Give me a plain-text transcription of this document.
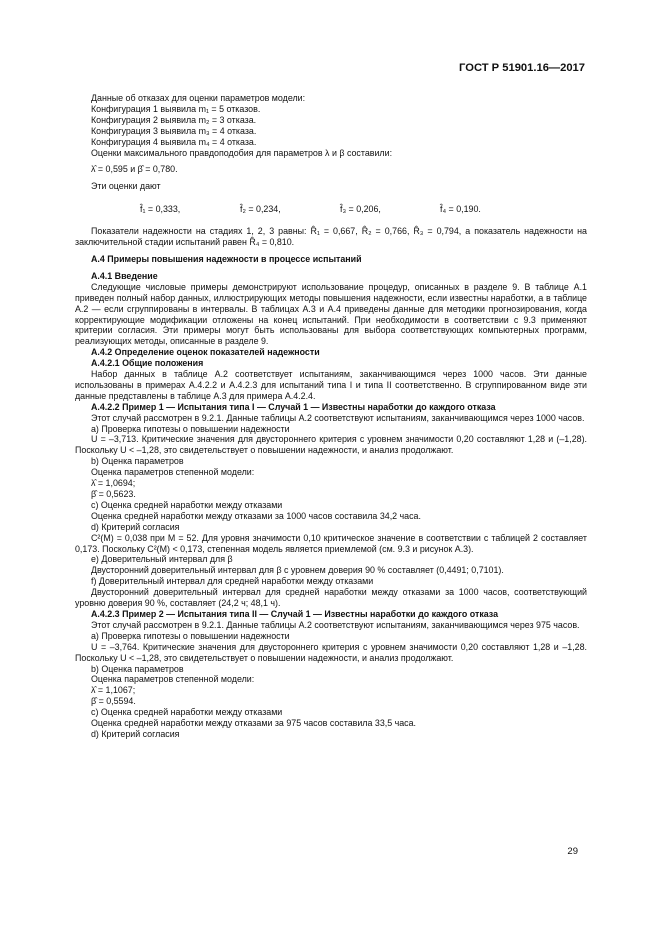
ГОСТ Р 51901.16—2017

Данные об отказах для оценки параметров модели:

Конфигурация 1 выявила m₁ = 5 отказов.

Конфигурация 2 выявила m₂ = 3 отказа.

Конфигурация 3 выявила m₃ = 4 отказа.

Конфигурация 4 выявила m₄ = 4 отказа.

Оценки максимального правдоподобия для параметров λ и β составили:

λ̂ = 0,595 и β̂ = 0,780.

Эти оценки дают

f̂₁ = 0,333,	f̂₂ = 0,234,	f̂₃ = 0,206,	f̂₄ = 0,190.

Показатели надежности на стадиях 1, 2, 3 равны: R̂₁ = 0,667, R̂₂ = 0,766, R̂₃ = 0,794, а показатель надежности на заключительной стадии испытаний равен R̂₄ = 0,810.

А.4 Примеры повышения надежности в процессе испытаний

А.4.1 Введение

Следующие числовые примеры демонстрируют использование процедур, описанных в разделе 9. В таблице А.1 приведен полный набор данных, иллюстрирующих методы повышения надежности, если известны наработки, а в таблице А.2 — если сгруппированы в интервалы. В таблицах А.3 и А.4 приведены данные для методики прогнозирования, когда корректирующие модификации отложены на конец испытаний. При необходимости в соответствии с 9.3 применяют критерии согласия. Эти примеры могут быть использованы для выбора соответствующих компьютерных программ, реализующих методы, описанные в разделе 9.

А.4.2 Определение оценок показателей надежности

А.4.2.1 Общие положения

Набор данных в таблице А.2 соответствует испытаниям, заканчивающимся через 1000 часов. Эти данные использованы в примерах А.4.2.2 и А.4.2.3 для испытаний типа I и типа II соответственно. В сгруппированном виде эти данные представлены в таблице А.3 для примера А.4.2.4.

А.4.2.2 Пример 1 — Испытания типа I — Случай 1 — Известны наработки до каждого отказа

Этот случай рассмотрен в 9.2.1. Данные таблицы А.2 соответствуют испытаниям, заканчивающимся через 1000 часов.

a) Проверка гипотезы о повышении надежности

U = –3,713. Критические значения для двустороннего критерия с уровнем значимости 0,20 составляют 1,28 и (–1,28). Поскольку U < –1,28, это свидетельствует о повышении надежности, и анализ продолжают.

b) Оценка параметров

Оценка параметров степенной модели:

λ̂ = 1,0694;

β̂ = 0,5623.

c) Оценка средней наработки между отказами

Оценка средней наработки между отказами за 1000 часов составила 34,2 часа.

d) Критерий согласия

C²(M) = 0,038 при M = 52. Для уровня значимости 0,10 критическое значение в соответствии с таблицей 2 составляет 0,173. Поскольку C²(M) < 0,173, степенная модель является приемлемой (см. 9.3 и рисунок А.3).

e) Доверительный интервал для β

Двусторонний доверительный интервал для β с уровнем доверия 90 % составляет (0,4491; 0,7101).

f) Доверительный интервал для средней наработки между отказами

Двусторонний доверительный интервал для средней наработки между отказами за 1000 часов, соответствующий уровню доверия 90 %, составляет (24,2 ч; 48,1 ч).

А.4.2.3 Пример 2 — Испытания типа II — Случай 1 — Известны наработки до каждого отказа

Этот случай рассмотрен в 9.2.1. Данные таблицы А.2 соответствуют испытаниям, заканчивающимся через 975 часов.

a) Проверка гипотезы о повышении надежности

U = –3,764. Критические значения для двустороннего критерия с уровнем значимости 0,20 составляют 1,28 и –1,28. Поскольку U < –1,28, это свидетельствует о повышении надежности, и анализ продолжают.

b) Оценка параметров

Оценка параметров степенной модели:

λ̂ = 1,1067;

β̂ = 0,5594.

c) Оценка средней наработки между отказами

Оценка средней наработки между отказами за 975 часов составила 33,5 часа.

d) Критерий согласия

29
